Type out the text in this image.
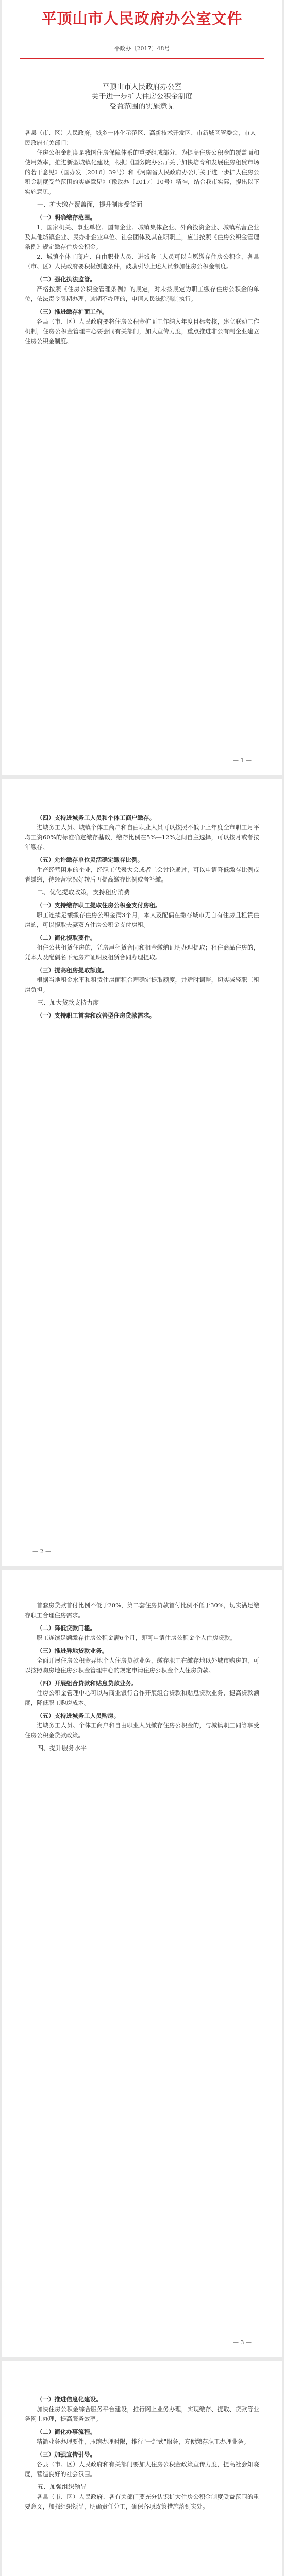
平顶山市人民政府办公室文件
平政办〔2017〕48号
平顶山市人民政府办公室
关于进一步扩大住房公积金制度
受益范围的实施意见
各县（市、区）人民政府，城乡一体化示范区、高新技术开发区、市新城区管委会，市人民政府有关部门：

住房公积金制度是我国住房保障体系的重要组成部分，为提高住房公积金的覆盖面和使用效率，推进新型城镇化建设，根据《国务院办公厅关于加快培育和发展住房租赁市场的若干意见》（国办发〔2016〕39号）和《河南省人民政府办公厅关于进一步扩大住房公积金制度受益范围的实施意见》（豫政办〔2017〕10号）精神，结合我市实际，提出以下实施意见。

一、扩大缴存覆盖面，提升制度受益面

（一）明确缴存范围。

1．国家机关、事业单位、国有企业、城镇集体企业、外商投资企业、城镇私营企业及其他城镇企业、民办非企业单位、社会团体及其在职职工，应当按照《住房公积金管理条例》规定缴存住房公积金。

2．城镇个体工商户、自由职业人员、进城务工人员可以自愿缴存住房公积金，各县（市、区）人民政府要积极创造条件，鼓励引导上述人员参加住房公积金制度。

（二）强化执法监管。

严格按照《住房公积金管理条例》的规定，对未按规定为职工缴存住房公积金的单位，依法责令限期办理，逾期不办理的，申请人民法院强制执行。

（三）推进缴存扩面工作。

各县（市、区）人民政府要将住房公积金扩面工作纳入年度目标考核，建立联动工作机制，住房公积金管理中心要会同有关部门，加大宣传力度，重点推进非公有制企业建立住房公积金制度。

— 1 —

（四）支持进城务工人员和个体工商户缴存。

进城务工人员、城镇个体工商户和自由职业人员可以按照不低于上年度全市职工月平均工资60%的标准确定缴存基数，缴存比例在5%—12%之间自主选择，可以按月或者按年缴存。

（五）允许缴存单位灵活确定缴存比例。

生产经营困难的企业，经职工代表大会或者工会讨论通过，可以申请降低缴存比例或者缓缴，待经营状况好转后再提高缴存比例或者补缴。

二、优化提取政策，支持租房消费

（一）支持缴存职工提取住房公积金支付房租。

职工连续足额缴存住房公积金满3个月，本人及配偶在缴存城市无自有住房且租赁住房的，可以提取夫妻双方住房公积金支付房租。

（二）简化提取要件。

租住公共租赁住房的，凭房屋租赁合同和租金缴纳证明办理提取；租住商品住房的，凭本人及配偶名下无房产证明及租赁合同办理提取。

（三）提高租房提取额度。

根据当地租金水平和租赁住房面积合理确定提取额度，并适时调整，切实减轻职工租房负担。

三、加大贷款支持力度

（一）支持职工首套和改善型住房贷款需求。

— 2 —

首套房贷款首付比例不低于20%，第二套住房贷款首付比例不低于30%，切实满足缴存职工合理住房需求。

（二）降低贷款门槛。

职工连续足额缴存住房公积金满6个月，即可申请住房公积金个人住房贷款。

（三）推进异地贷款业务。

全面开展住房公积金异地个人住房贷款业务，缴存职工在缴存地以外城市购房的，可以按照购房地住房公积金管理中心的规定申请住房公积金个人住房贷款。

（四）开展组合贷款和贴息贷款业务。

住房公积金管理中心可以与商业银行合作开展组合贷款和贴息贷款业务，提高贷款额度，降低职工购房成本。

（五）支持进城务工人员购房。

进城务工人员、个体工商户和自由职业人员缴存住房公积金的，与城镇职工同等享受住房公积金贷款政策。

四、提升服务水平

— 3 —

（一）推进信息化建设。

加快住房公积金综合服务平台建设，推行网上业务办理，实现缴存、提取、贷款等业务网上办理，提高服务效率。

（二）简化办事流程。

精简业务办理要件，压缩办理时限，推行"一站式"服务，方便缴存职工办理业务。

（三）加强宣传引导。

各县（市、区）人民政府和有关部门要加大住房公积金政策宣传力度，提高社会知晓度，营造良好的社会氛围。

五、加强组织领导

各县（市、区）人民政府、各有关部门要充分认识扩大住房公积金制度受益范围的重要意义，加强组织领导，明确责任分工，确保各项政策措施落到实处。
